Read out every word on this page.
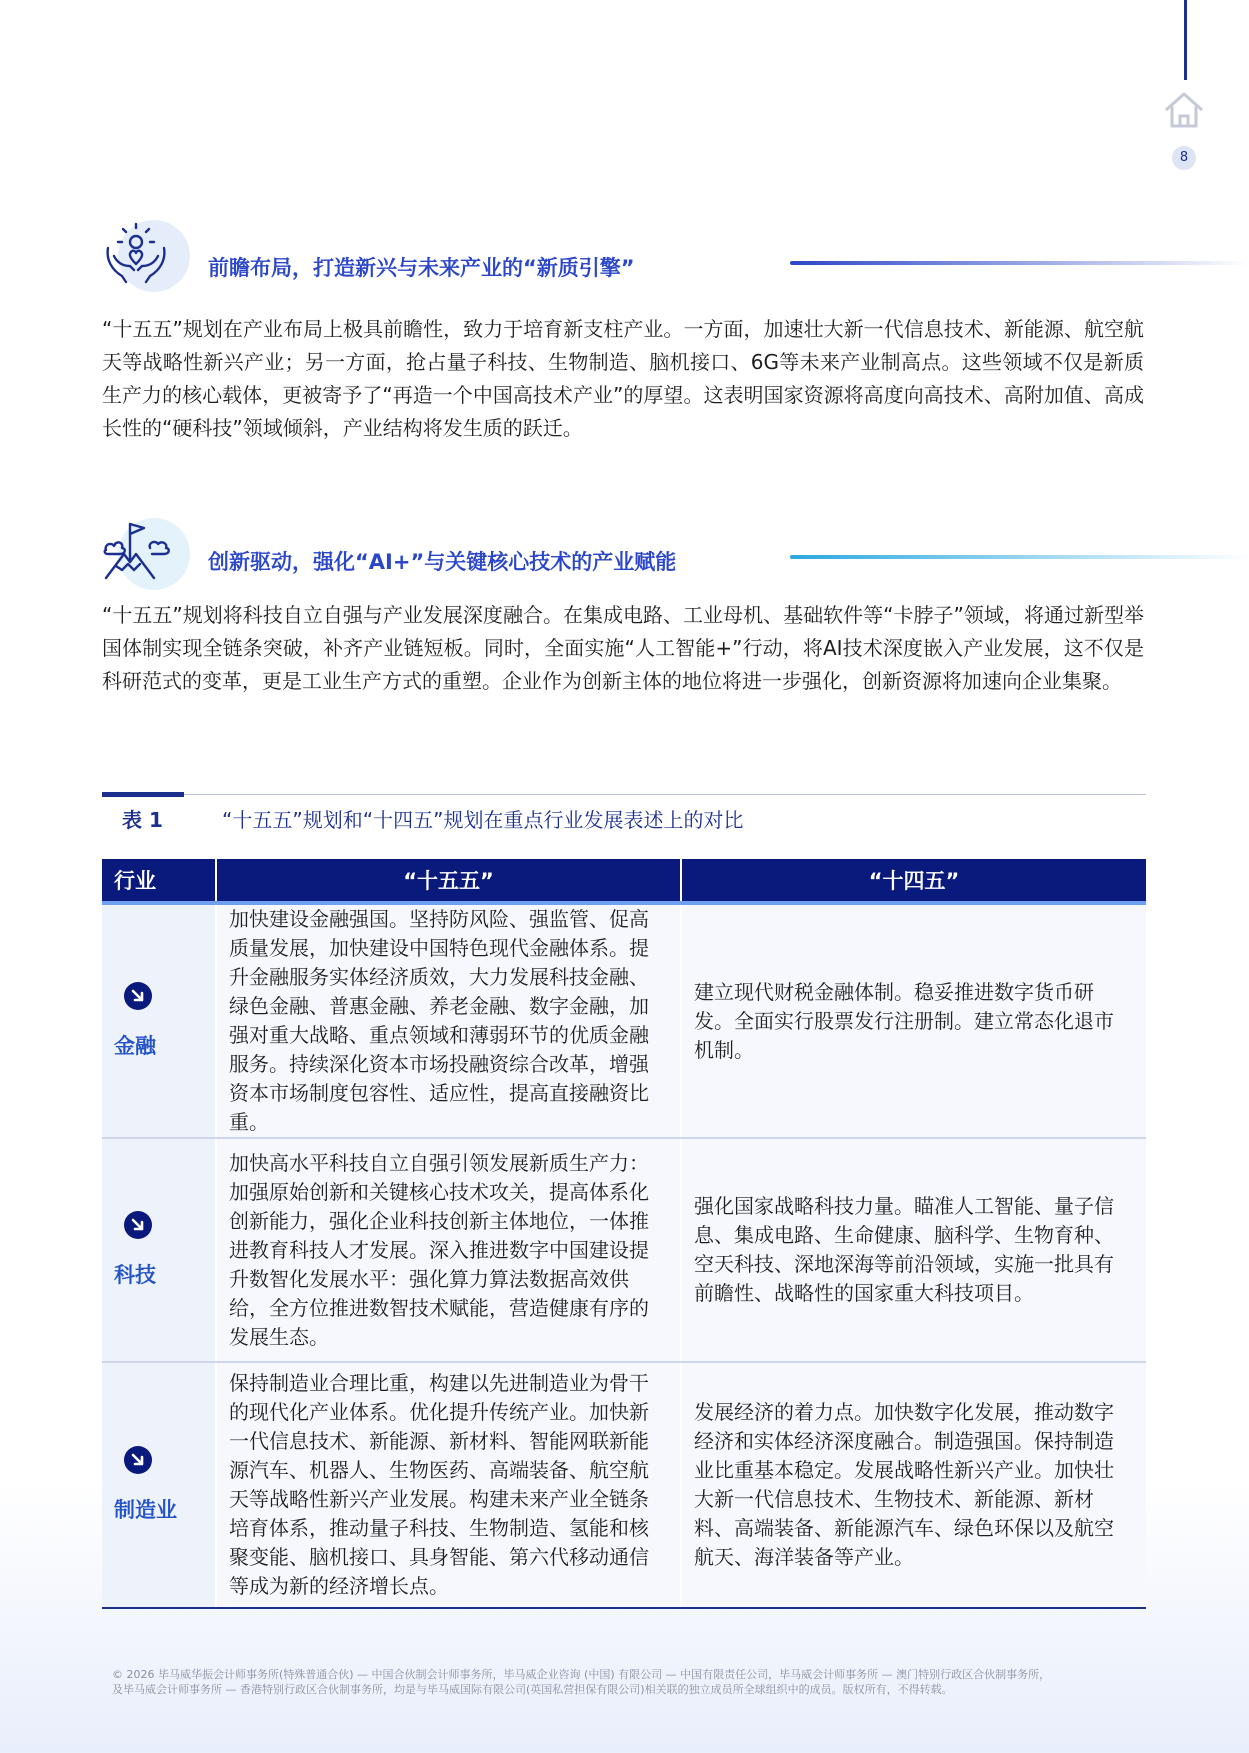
8
前瞻布局，打造新兴与未来产业的“新质引擎”
“十五五”规划在产业布局上极具前瞻性，致力于培育新支柱产业。一方面，加速壮大新一代信息技术、新能源、航空航天等战略性新兴产业；另一方面，抢占量子科技、生物制造、脑机接口、6G等未来产业制高点。这些领域不仅是新质生产力的核心载体，更被寄予了“再造一个中国高技术产业”的厚望。这表明国家资源将高度向高技术、高附加值、高成长性的“硬科技”领域倾斜，产业结构将发生质的跃迁。
创新驱动，强化“AI+”与关键核心技术的产业赋能
“十五五”规划将科技自立自强与产业发展深度融合。在集成电路、工业母机、基础软件等“卡脖子”领域，将通过新型举国体制实现全链条突破，补齐产业链短板。同时，全面实施“人工智能+”行动，将AI技术深度嵌入产业发展，这不仅是科研范式的变革，更是工业生产方式的重塑。企业作为创新主体的地位将进一步强化，创新资源将加速向企业集聚。
表 1	“十五五”规划和“十四五”规划在重点行业发展表述上的对比
行业	“十五五”	“十四五”

金融	加快建设金融强国。坚持防风险、强监管、促高质量发展，加快建设中国特色现代金融体系。提升金融服务实体经济质效，大力发展科技金融、绿色金融、普惠金融、养老金融、数字金融，加强对重大战略、重点领域和薄弱环节的优质金融服务。持续深化资本市场投融资综合改革，增强资本市场制度包容性、适应性，提高直接融资比重。	建立现代财税金融体制。稳妥推进数字货币研发。全面实行股票发行注册制。建立常态化退市机制。

科技	加快高水平科技自立自强引领发展新质生产力：加强原始创新和关键核心技术攻关，提高体系化创新能力，强化企业科技创新主体地位，一体推进教育科技人才发展。深入推进数字中国建设提升数智化发展水平：强化算力算法数据高效供给，全方位推进数智技术赋能，营造健康有序的发展生态。	强化国家战略科技力量。瞄准人工智能、量子信息、集成电路、生命健康、脑科学、生物育种、空天科技、深地深海等前沿领域，实施一批具有前瞻性、战略性的国家重大科技项目。

制造业	保持制造业合理比重，构建以先进制造业为骨干的现代化产业体系。优化提升传统产业。加快新一代信息技术、新能源、新材料、智能网联新能源汽车、机器人、生物医药、高端装备、航空航天等战略性新兴产业发展。构建未来产业全链条培育体系，推动量子科技、生物制造、氢能和核聚变能、脑机接口、具身智能、第六代移动通信等成为新的经济增长点。	发展经济的着力点。加快数字化发展，推动数字经济和实体经济深度融合。制造强国。保持制造业比重基本稳定。发展战略性新兴产业。加快壮大新一代信息技术、生物技术、新能源、新材料、高端装备、新能源汽车、绿色环保以及航空航天、海洋装备等产业。
© 2026 毕马威华振会计师事务所(特殊普通合伙) — 中国合伙制会计师事务所，毕马威企业咨询 (中国) 有限公司 — 中国有限责任公司，毕马威会计师事务所 — 澳门特别行政区合伙制事务所，
及毕马威会计师事务所 — 香港特别行政区合伙制事务所，均是与毕马威国际有限公司(英国私营担保有限公司)相关联的独立成员所全球组织中的成员。版权所有，不得转载。
